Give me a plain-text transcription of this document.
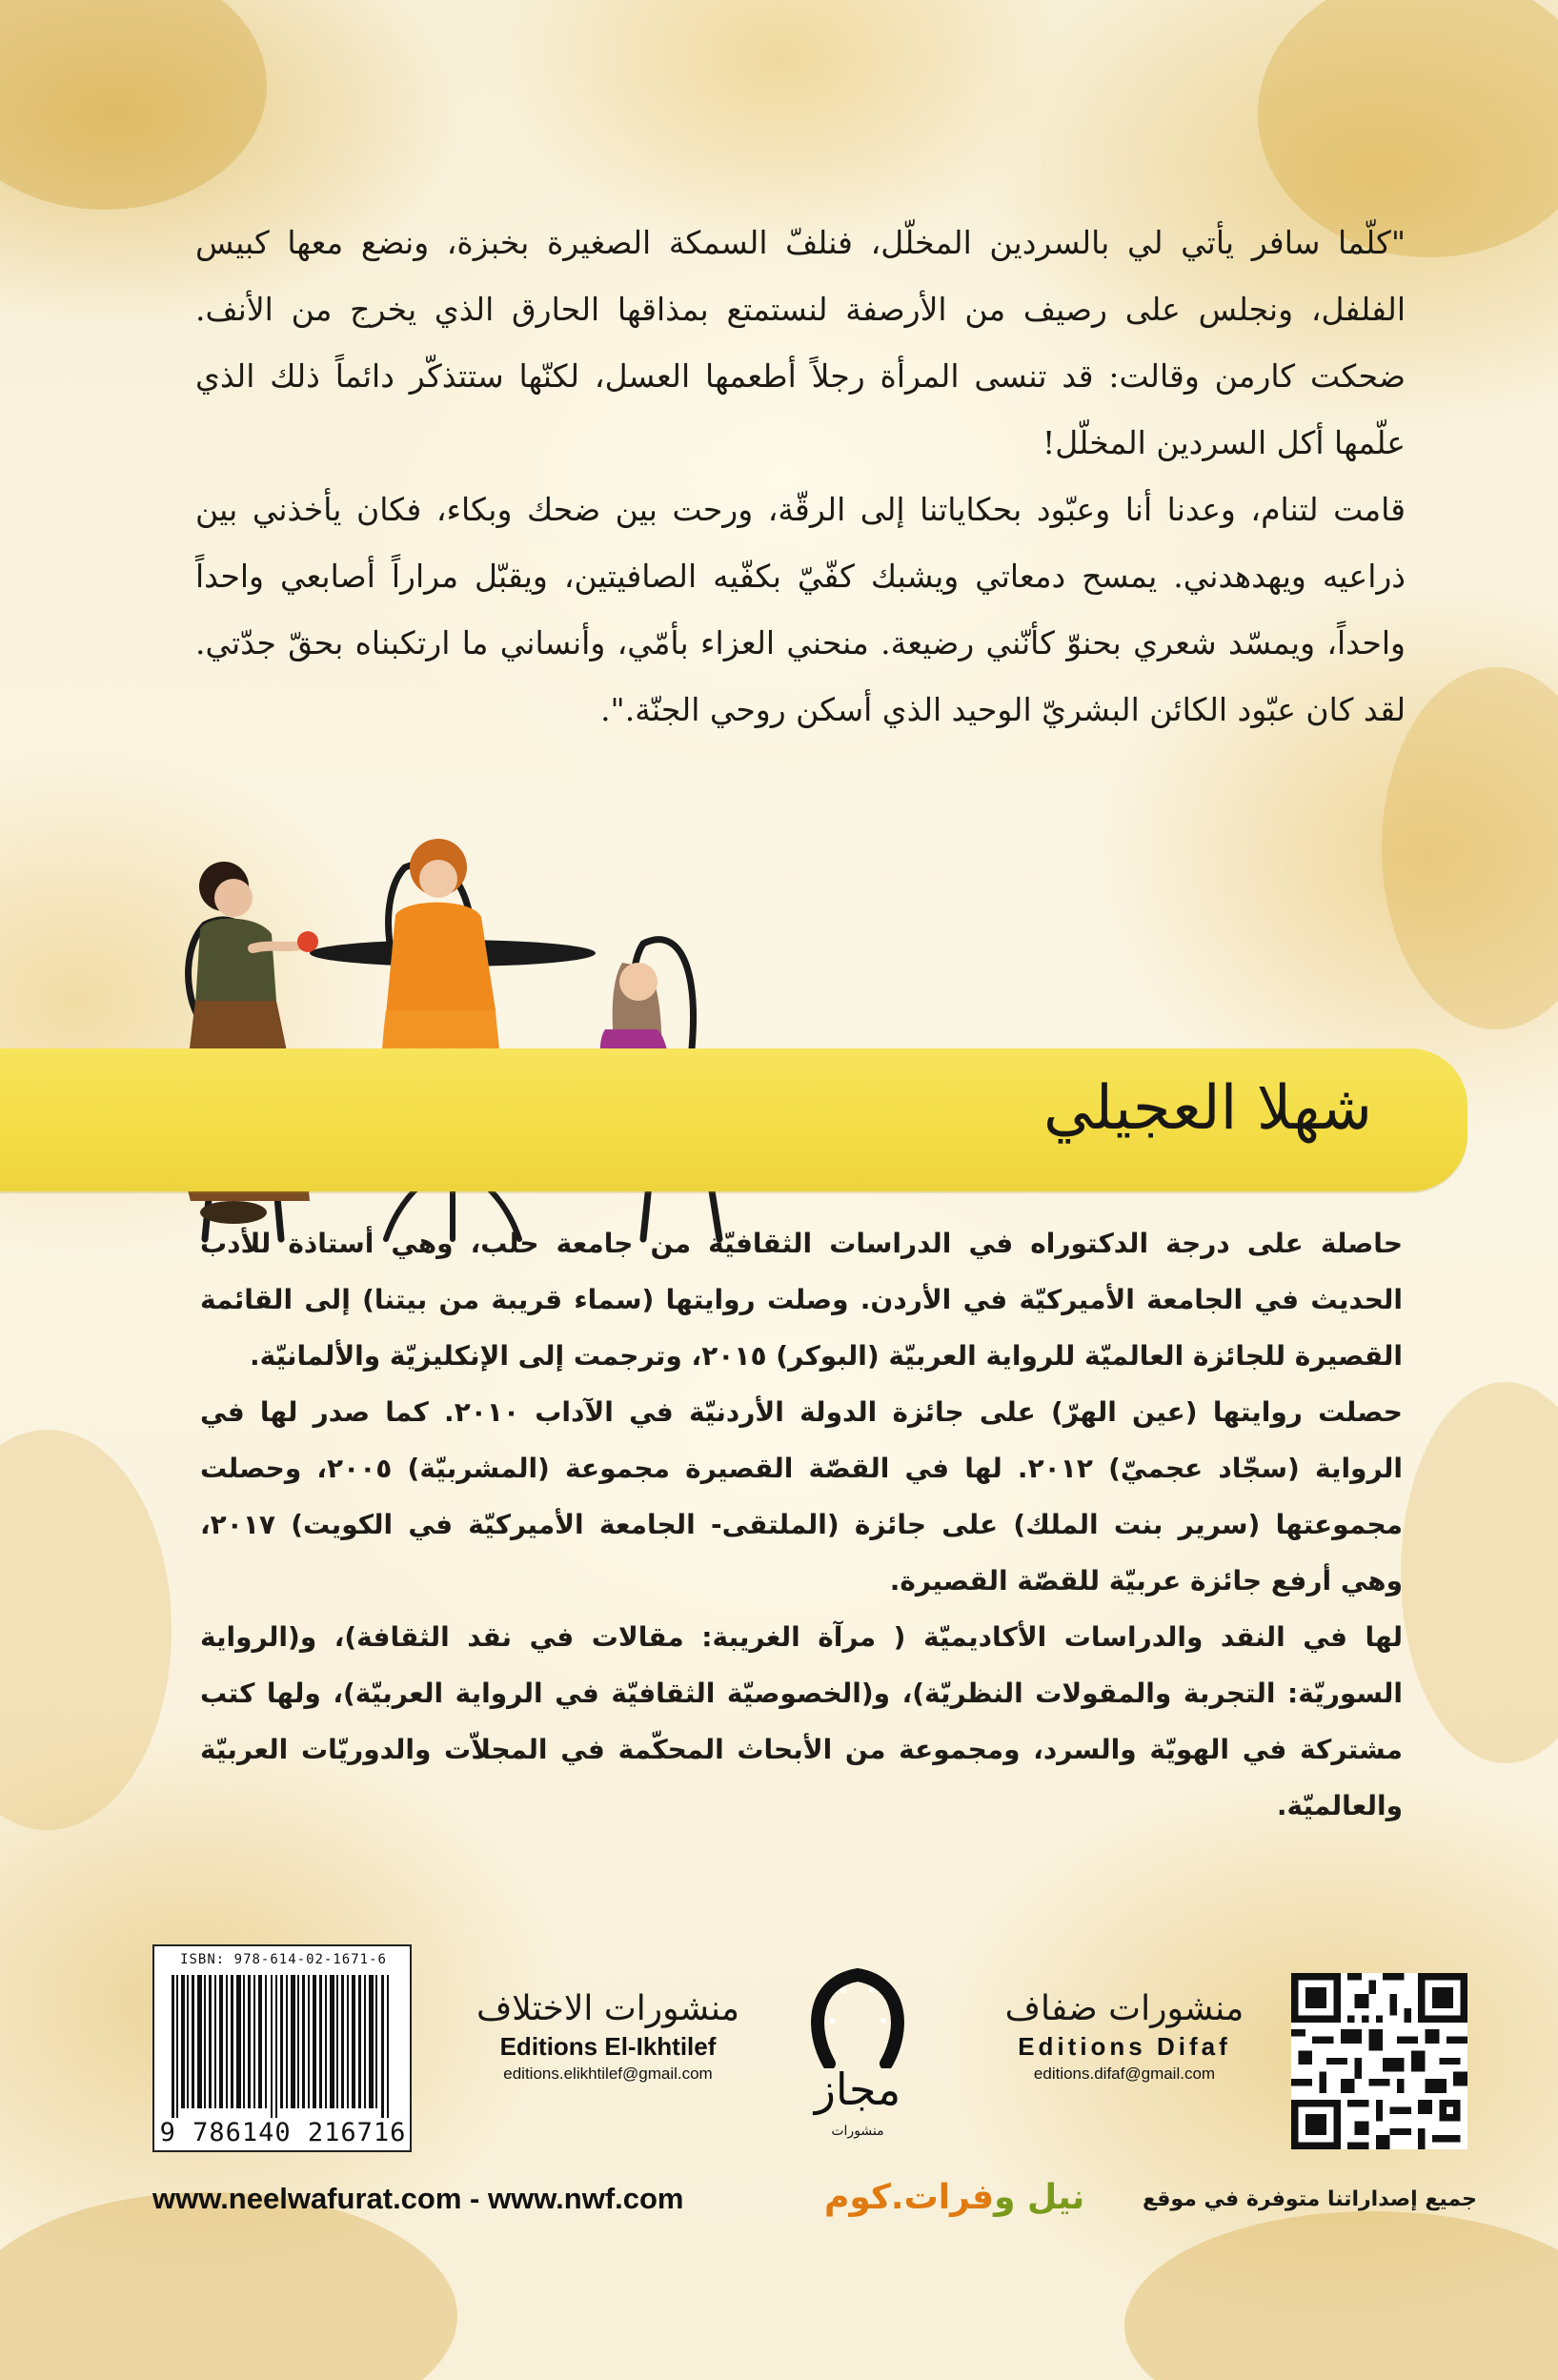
"كلّما سافر يأتي لي بالسردين المخلّل، فنلفّ السمكة الصغيرة بخبزة، ونضع معها كبيس الفلفل، ونجلس على رصيف من الأرصفة لنستمتع بمذاقها الحارق الذي يخرج من الأنف. ضحكت كارمن وقالت: قد تنسى المرأة رجلاً أطعمها العسل، لكنّها ستتذكّر دائماً ذلك الذي علّمها أكل السردين المخلّل!

قامت لتنام، وعدنا أنا وعبّود بحكاياتنا إلى الرقّة، ورحت بين ضحك وبكاء، فكان يأخذني بين ذراعيه ويهدهدني. يمسح دمعاتي ويشبك كفّيّ بكفّيه الصافيتين، ويقبّل مراراً أصابعي واحداً واحداً، ويمسّد شعري بحنوّ كأنّني رضيعة. منحني العزاء بأمّي، وأنساني ما ارتكبناه بحقّ جدّتي. لقد كان عبّود الكائن البشريّ الوحيد الذي أسكن روحي الجنّة.".

شهلا العجيلي

حاصلة على درجة الدكتوراه في الدراسات الثقافيّة من جامعة حلب، وهي أستاذة للأدب الحديث في الجامعة الأميركيّة في الأردن. وصلت روايتها (سماء قريبة من بيتنا) إلى القائمة القصيرة للجائزة العالميّة للرواية العربيّة (البوكر) ٢٠١٥، وترجمت إلى الإنكليزيّة والألمانيّة.

حصلت روايتها (عين الهرّ) على جائزة الدولة الأردنيّة في الآداب ٢٠١٠. كما صدر لها في الرواية (سجّاد عجميّ) ٢٠١٢. لها في القصّة القصيرة مجموعة (المشربيّة) ٢٠٠٥، وحصلت مجموعتها (سرير بنت الملك) على جائزة (الملتقى- الجامعة الأميركيّة في الكويت) ٢٠١٧، وهي أرفع جائزة عربيّة للقصّة القصيرة.

لها في النقد والدراسات الأكاديميّة ( مرآة الغريبة: مقالات في نقد الثقافة)، و(الرواية السوريّة: التجربة والمقولات النظريّة)، و(الخصوصيّة الثقافيّة في الرواية العربيّة)، ولها كتب مشتركة في الهويّة والسرد، ومجموعة من الأبحاث المحكّمة في المجلاّت والدوريّات العربيّة والعالميّة.

ISBN: 978-614-02-1671-6
9 786140 216716
منشورات الاختلاف
Editions El-Ikhtilef
editions.elikhtilef@gmail.com	مجاز
منشورات
منشورات ضفاف
Editions Difaf
editions.difaf@gmail.com
www.neelwafurat.com - www.nwf.com	نيل وفرات.كوم	جميع إصداراتنا متوفرة في موقع
